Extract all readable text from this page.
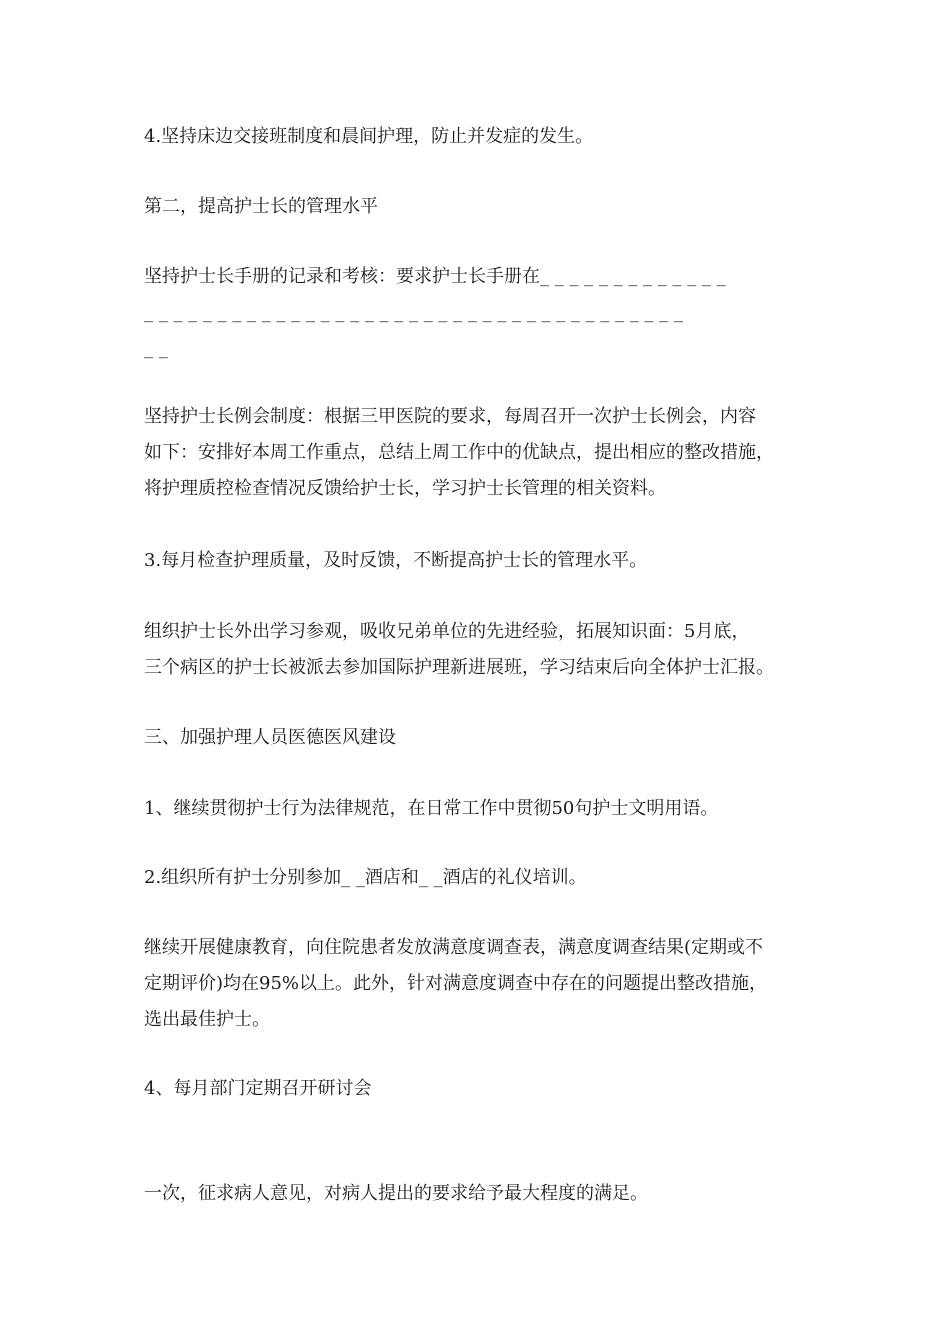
4.坚持床边交接班制度和晨间护理，防止并发症的发生。

第二，提高护士长的管理水平

坚持护士长手册的记录和考核：要求护士长手册在_ _ _ _ _ _ _ _ _ _ _ _ _
_ _ _ _ _ _ _ _ _ _ _ _ _ _ _ _ _ _ _ _ _ _ _ _ _ _ _ _ _ _ _ _ _ _ _ _ _
_ _

坚持护士长例会制度：根据三甲医院的要求，每周召开一次护士长例会，内容
如下：安排好本周工作重点，总结上周工作中的优缺点，提出相应的整改措施，
将护理质控检查情况反馈给护士长，学习护士长管理的相关资料。

3.每月检查护理质量，及时反馈，不断提高护士长的管理水平。

组织护士长外出学习参观，吸收兄弟单位的先进经验，拓展知识面：5月底，
三个病区的护士长被派去参加国际护理新进展班，学习结束后向全体护士汇报。

三、加强护理人员医德医风建设

1、继续贯彻护士行为法律规范，在日常工作中贯彻50句护士文明用语。

2.组织所有护士分别参加_ _酒店和_ _酒店的礼仪培训。

继续开展健康教育，向住院患者发放满意度调查表，满意度调查结果(定期或不
定期评价)均在95%以上。此外，针对满意度调查中存在的问题提出整改措施，
选出最佳护士。

4、每月部门定期召开研讨会

一次，征求病人意见，对病人提出的要求给予最大程度的满足。
